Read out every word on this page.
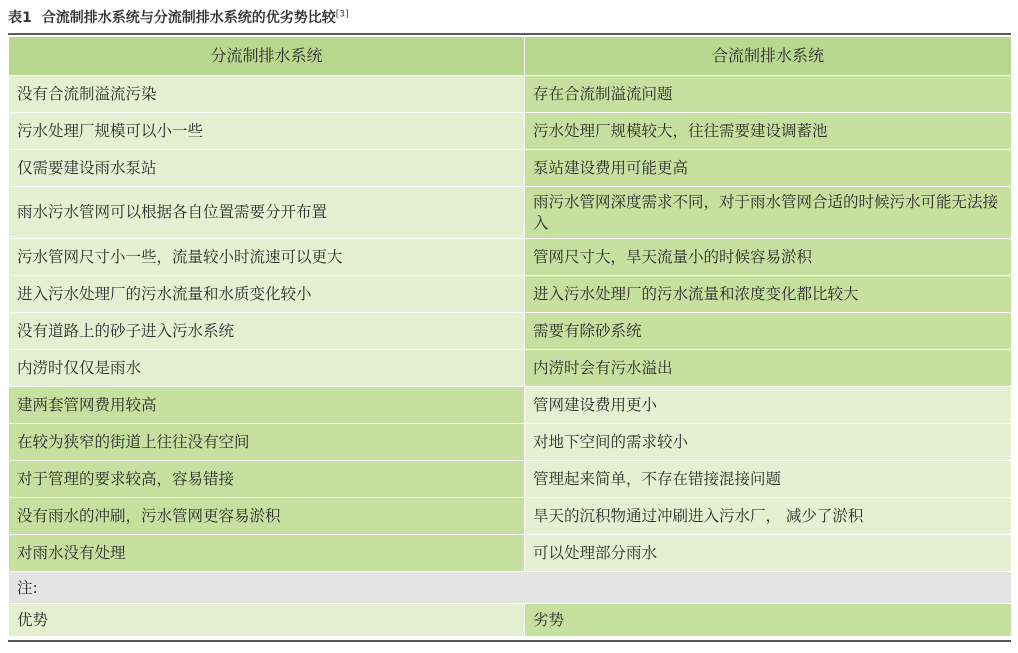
表1 合流制排水系统与分流制排水系统的优劣势比较[3]
分流制排水系统	合流制排水系统
没有合流制溢流污染	存在合流制溢流问题
污水处理厂规模可以小一些	污水处理厂规模较大，往往需要建设调蓄池
仅需要建设雨水泵站	泵站建设费用可能更高
雨水污水管网可以根据各自位置需要分开布置	雨污水管网深度需求不同，对于雨水管网合适的时候污水可能无法接入
污水管网尺寸小一些，流量较小时流速可以更大	管网尺寸大，旱天流量小的时候容易淤积
进入污水处理厂的污水流量和水质变化较小	进入污水处理厂的污水流量和浓度变化都比较大
没有道路上的砂子进入污水系统	需要有除砂系统
内涝时仅仅是雨水	内涝时会有污水溢出
建两套管网费用较高	管网建设费用更小
在较为狭窄的街道上往往没有空间	对地下空间的需求较小
对于管理的要求较高，容易错接	管理起来简单，不存在错接混接问题
没有雨水的冲刷，污水管网更容易淤积	旱天的沉积物通过冲刷进入污水厂， 减少了淤积
对雨水没有处理	可以处理部分雨水
注:	
优势	劣势
